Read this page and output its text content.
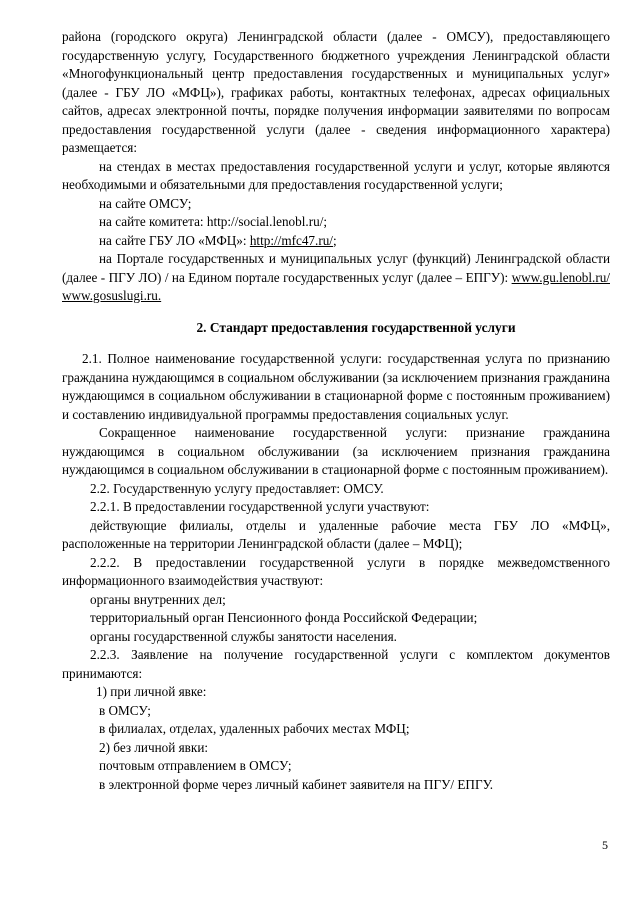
района (городского округа) Ленинградской области (далее - ОМСУ), предоставляющего государственную услугу, Государственного бюджетного учреждения Ленинградской области «Многофункциональный центр предоставления государственных и муниципальных услуг» (далее - ГБУ ЛО «МФЦ»), графиках работы, контактных телефонах, адресах официальных сайтов, адресах электронной почты, порядке получения информации заявителями по вопросам предоставления государственной услуги (далее - сведения информационного характера) размещается:

на стендах в местах предоставления государственной услуги и услуг, которые являются необходимыми и обязательными для предоставления государственной услуги;

на сайте ОМСУ;

на сайте комитета: http://social.lenobl.ru/;

на сайте ГБУ ЛО «МФЦ»: http://mfc47.ru/;

на Портале государственных и муниципальных услуг (функций) Ленинградской области (далее - ПГУ ЛО) / на Едином портале государственных услуг (далее – ЕПГУ): www.gu.lenobl.ru/ www.gosuslugi.ru.

2. Стандарт предоставления государственной услуги

2.1. Полное наименование государственной услуги: государственная услуга по признанию гражданина нуждающимся в социальном обслуживании (за исключением признания гражданина нуждающимся в социальном обслуживании в стационарной форме с постоянным проживанием) и составлению индивидуальной программы предоставления социальных услуг.

Сокращенное наименование государственной услуги: признание гражданина нуждающимся в социальном обслуживании (за исключением признания гражданина нуждающимся в социальном обслуживании в стационарной форме с постоянным проживанием).

2.2. Государственную услугу предоставляет: ОМСУ.

2.2.1. В предоставлении государственной услуги участвуют:

действующие филиалы, отделы и удаленные рабочие места ГБУ ЛО «МФЦ», расположенные на территории Ленинградской области (далее – МФЦ);

2.2.2. В предоставлении государственной услуги в порядке межведомственного информационного взаимодействия участвуют:

органы внутренних дел;

территориальный орган Пенсионного фонда Российской Федерации;

органы государственной службы занятости населения.

2.2.3. Заявление на получение государственной услуги с комплектом документов принимаются:

1) при личной явке:

в ОМСУ;

в филиалах, отделах, удаленных рабочих местах МФЦ;

2) без личной явки:

почтовым отправлением в ОМСУ;

в электронной форме через личный кабинет заявителя на ПГУ/ ЕПГУ.

5
